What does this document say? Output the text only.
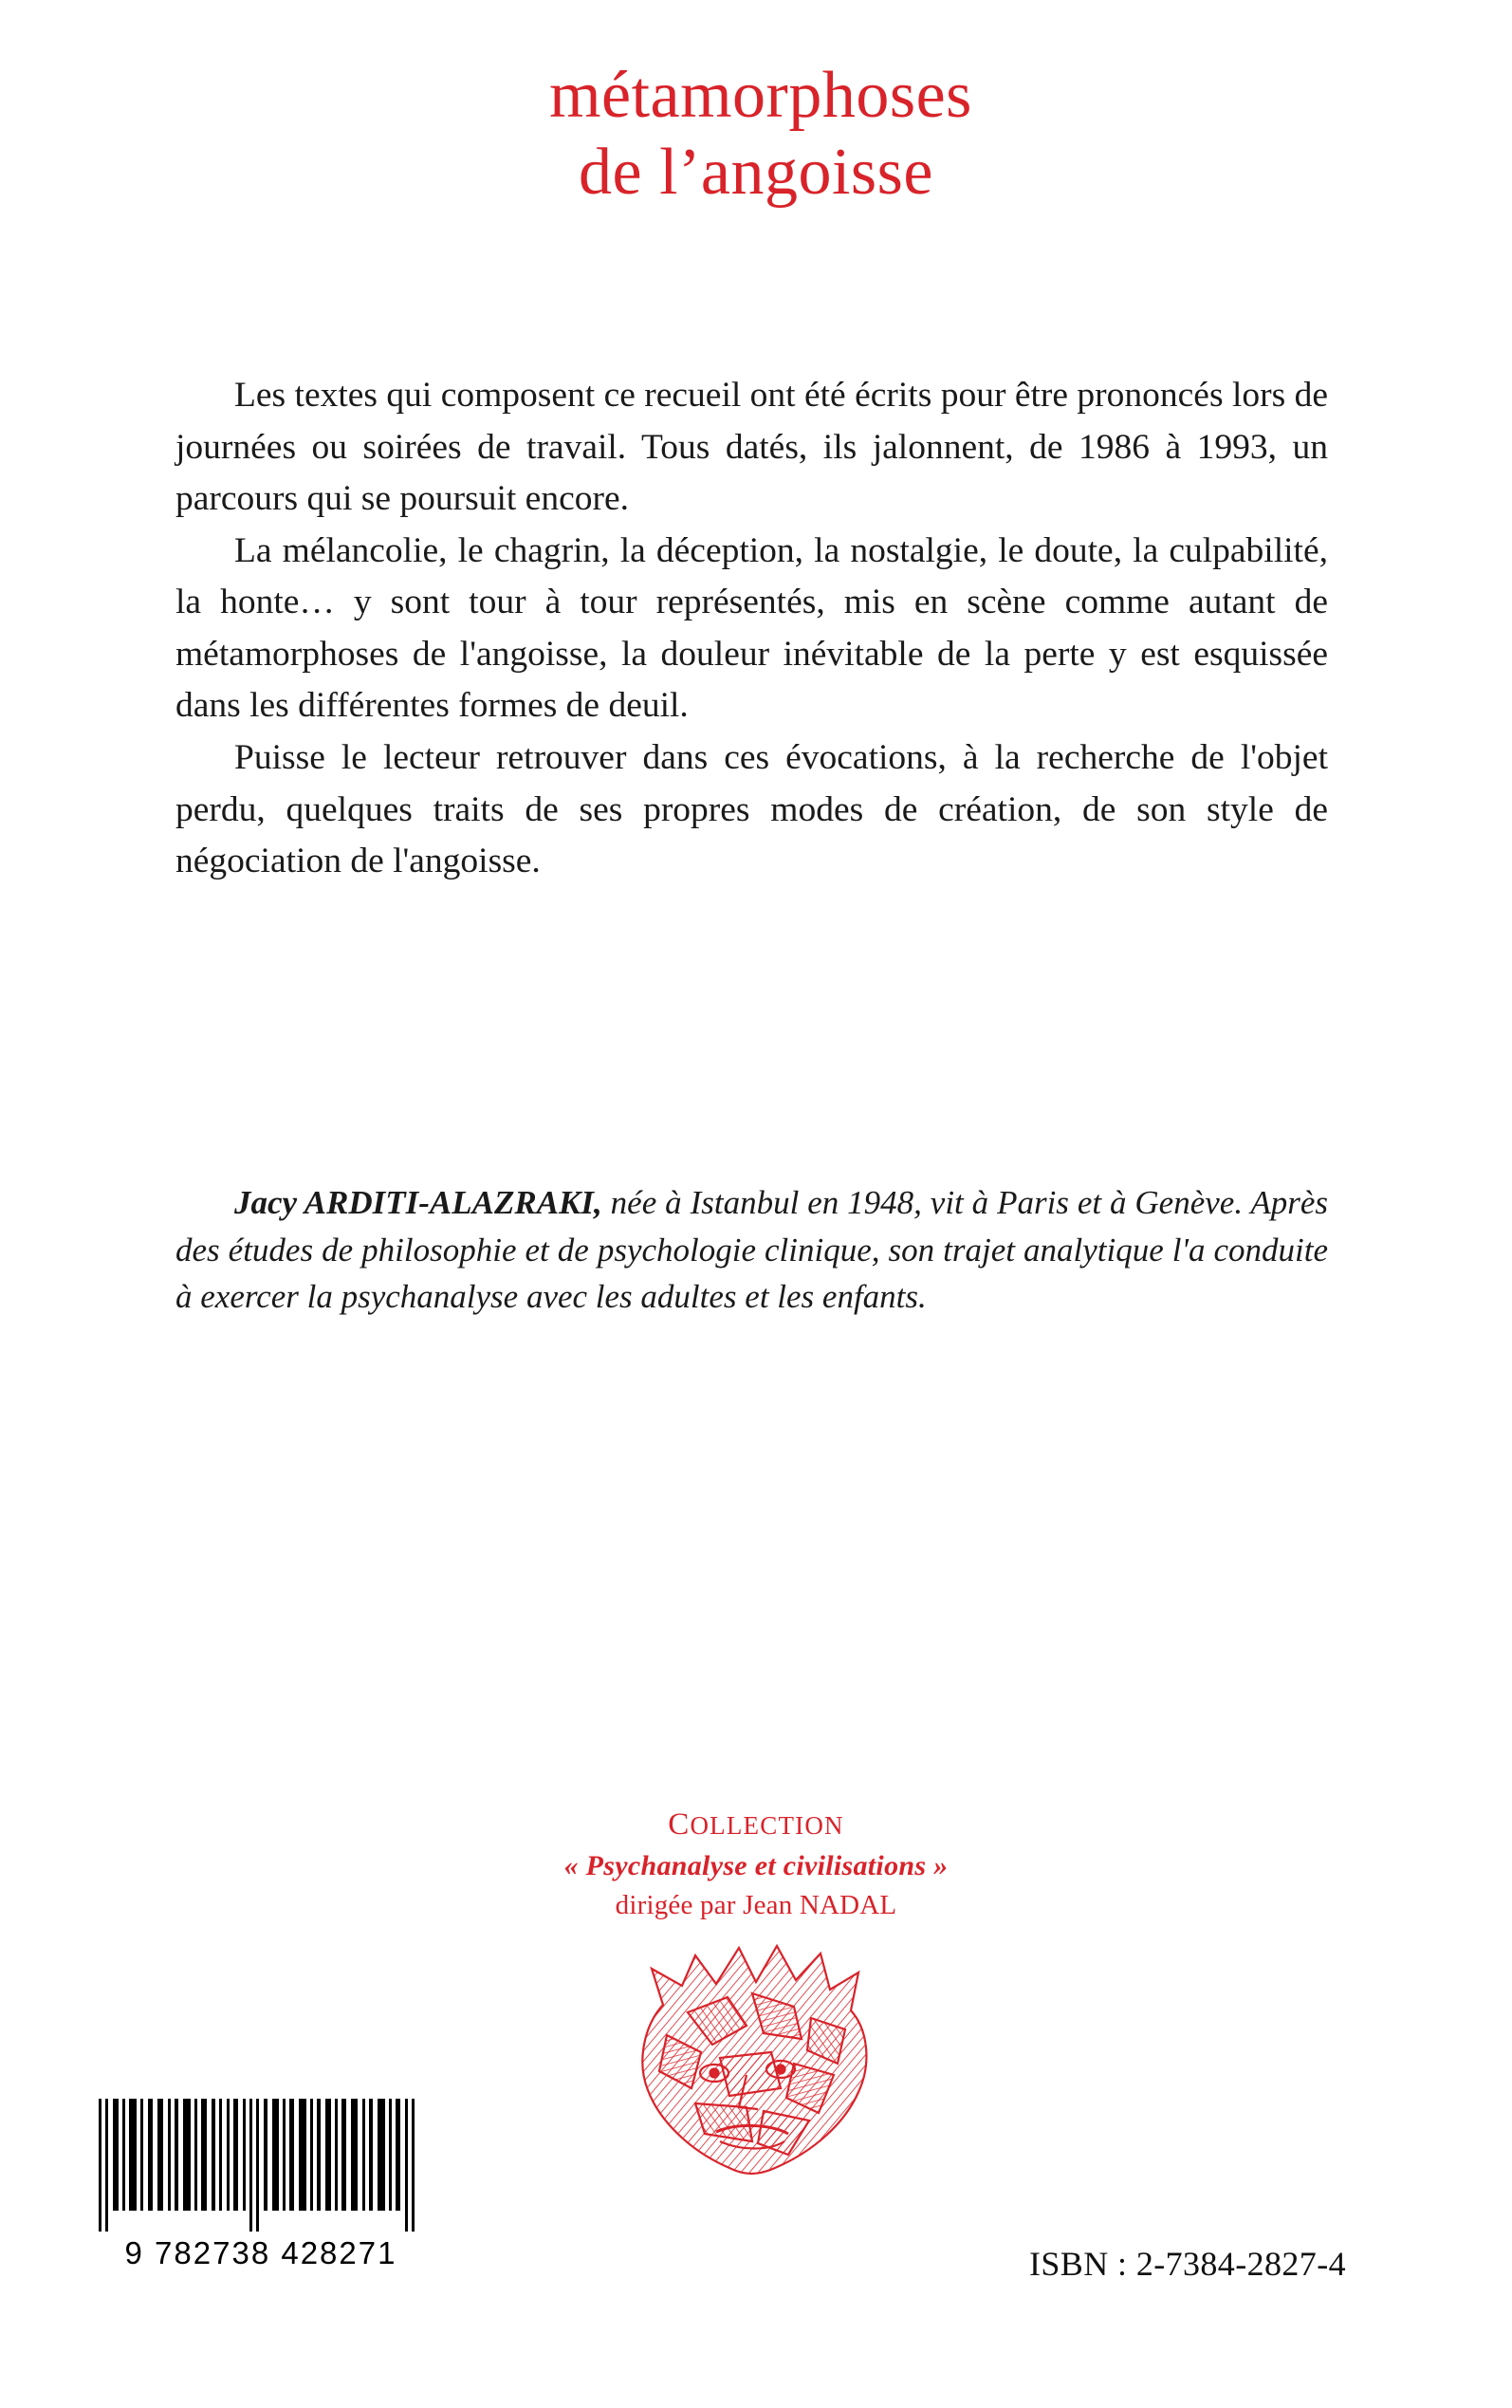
métamorphoses
de l’angoisse

Les textes qui composent ce recueil ont été écrits pour être prononcés lors de journées ou soirées de travail. Tous datés, ils jalonnent, de 1986 à 1993, un parcours qui se poursuit encore.

La mélancolie, le chagrin, la déception, la nostalgie, le doute, la culpabilité, la honte… y sont tour à tour représentés, mis en scène comme autant de métamorphoses de l'angoisse, la douleur inévitable de la perte y est esquissée dans les différentes formes de deuil.

Puisse le lecteur retrouver dans ces évocations, à la recherche de l'objet perdu, quelques traits de ses propres modes de création, de son style de négociation de l'angoisse.

Jacy ARDITI-ALAZRAKI, née à Istanbul en 1948, vit à Paris et à Genève. Après des études de philosophie et de psychologie clinique, son trajet analytique l'a conduite à exercer la psychanalyse avec les adultes et les enfants.

COLLECTION
« Psychanalyse et civilisations »
dirigée par Jean NADAL
9 782738 428271	ISBN : 2-7384-2827-4
